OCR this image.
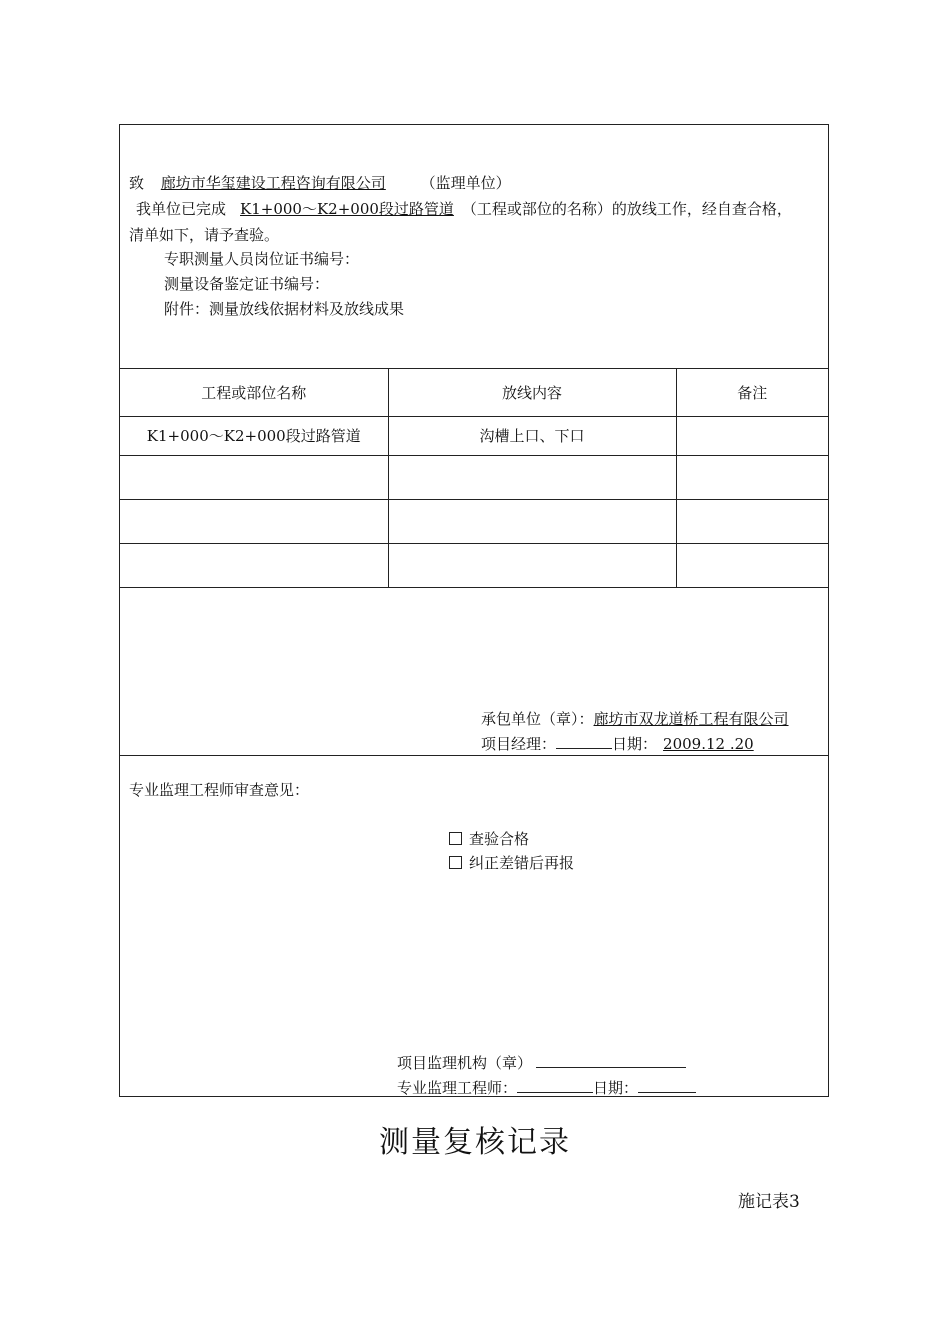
致 廊坊市华玺建设工程咨询有限公司 （监理单位）
我单位已完成 K1+000～K2+000段过路管道 （工程或部位的名称）的放线工作，经自查合格，
清单如下，请予查验。
专职测量人员岗位证书编号：
测量设备鉴定证书编号：
附件：测量放线依据材料及放线成果
工程或部位名称	放线内容	备注
K1+000～K2+000段过路管道	沟槽上口、下口	

承包单位（章）：廊坊市双龙道桥工程有限公司
项目经理：	日期： 2009.12 .20
专业监理工程师审查意见：
查验合格
纠正差错后再报
项目监理机构（章）
专业监理工程师：	日期：
测量复核记录
施记表3
